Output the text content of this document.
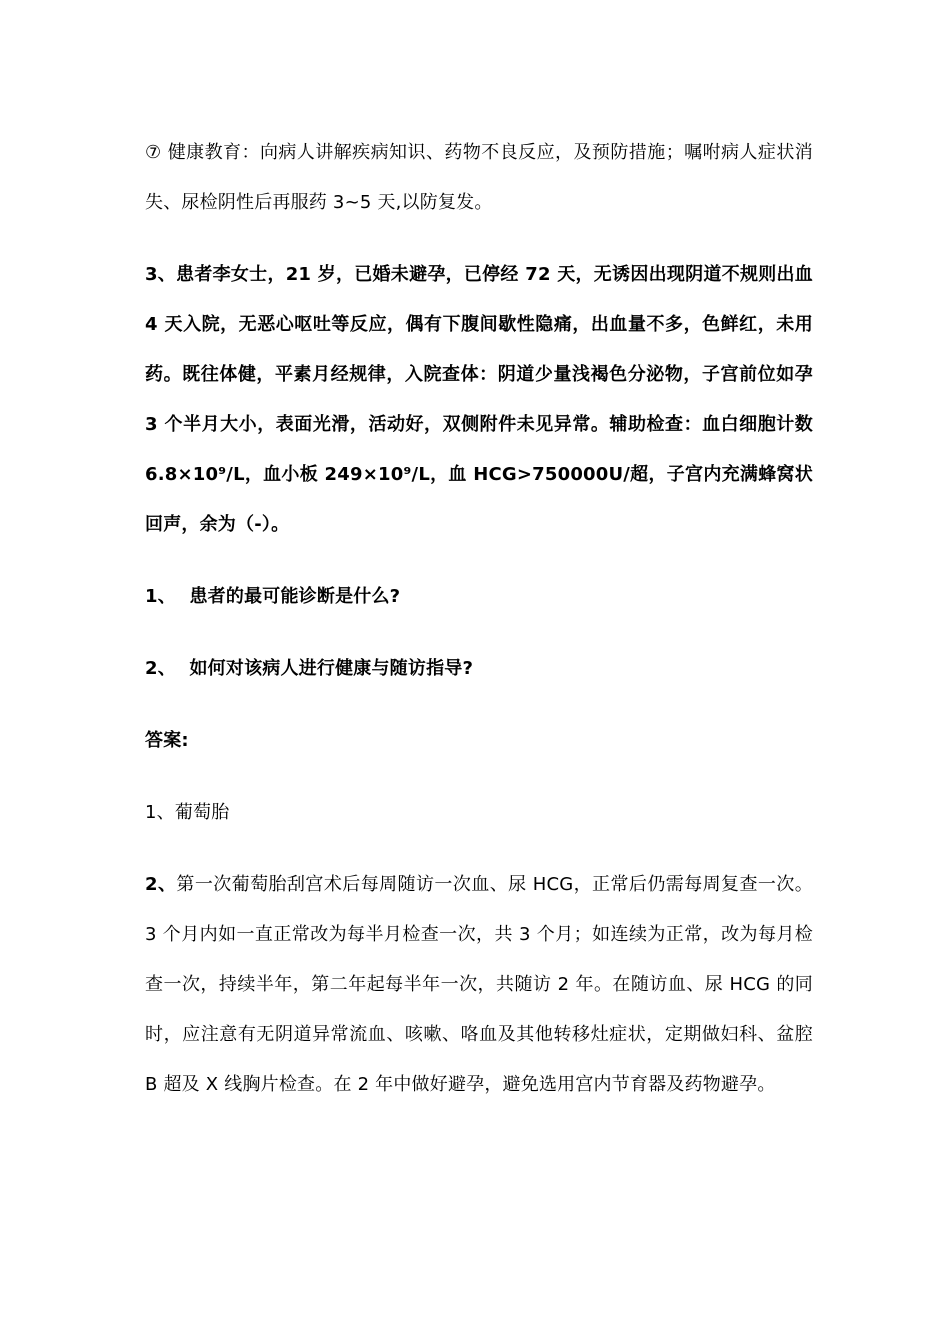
⑦ 健康教育：向病人讲解疾病知识、药物不良反应，及预防措施；嘱咐病人症状消失、尿检阴性后再服药 3~5 天,以防复发。

3、患者李女士，21 岁，已婚未避孕，已停经 72 天，无诱因出现阴道不规则出血 4 天入院，无恶心呕吐等反应，偶有下腹间歇性隐痛，出血量不多，色鲜红，未用药。既往体健，平素月经规律，入院查体：阴道少量浅褐色分泌物，子宫前位如孕 3 个半月大小，表面光滑，活动好，双侧附件未见异常。辅助检查：血白细胞计数 6.8×10⁹/L，血小板 249×10⁹/L，血 HCG>750000U/超，子宫内充满蜂窝状回声，余为（-）。

1、 患者的最可能诊断是什么?

2、 如何对该病人进行健康与随访指导?

答案:

1、葡萄胎

2、第一次葡萄胎刮宫术后每周随访一次血、尿 HCG，正常后仍需每周复查一次。3 个月内如一直正常改为每半月检查一次，共 3 个月；如连续为正常，改为每月检查一次，持续半年，第二年起每半年一次，共随访 2 年。在随访血、尿 HCG 的同时，应注意有无阴道异常流血、咳嗽、咯血及其他转移灶症状，定期做妇科、盆腔 B 超及 X 线胸片检查。在 2 年中做好避孕，避免选用宫内节育器及药物避孕。
